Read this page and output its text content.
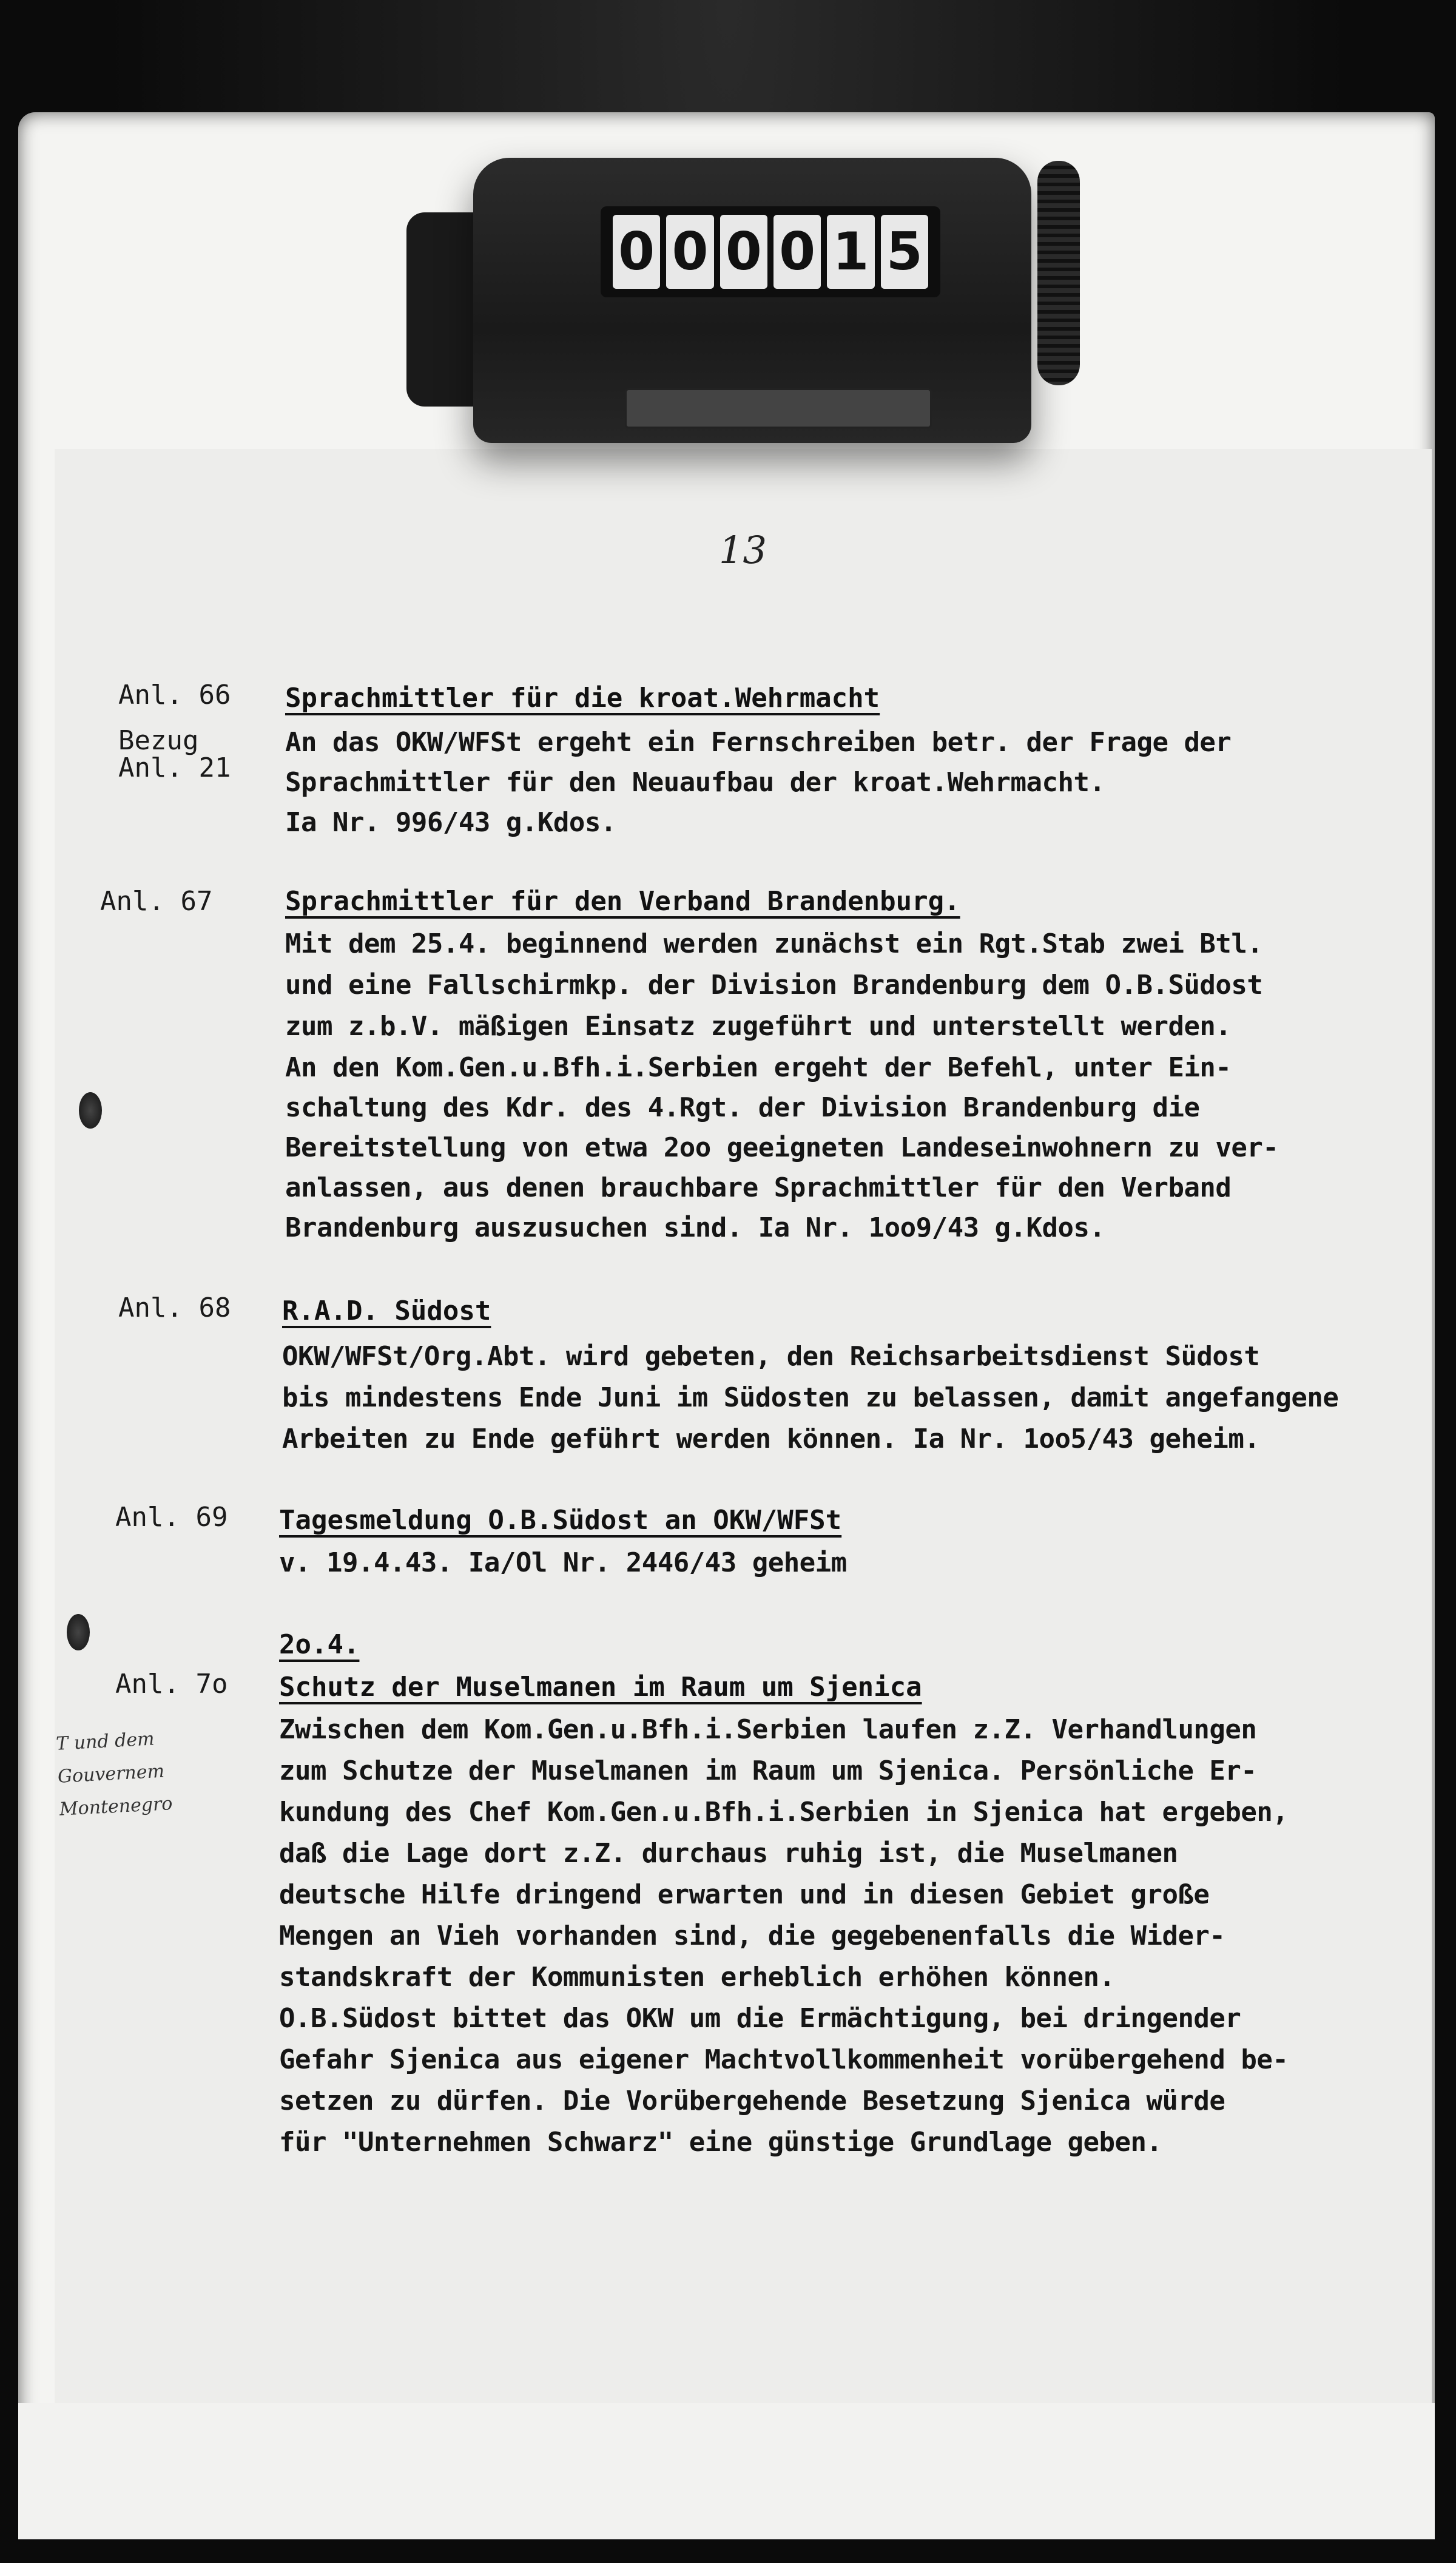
0 0 0 0 1 5
13
Anl. 66
Bezug
Anl. 21
Sprachmittler für die kroat.Wehrmacht
An das OKW/WFSt ergeht ein Fernschreiben betr. der Frage der
Sprachmittler für den Neuaufbau der kroat.Wehrmacht.
Ia Nr. 996/43 g.Kdos.
Anl. 67	Sprachmittler für den Verband Brandenburg.
Mit dem 25.4. beginnend werden zunächst ein Rgt.Stab zwei Btl.
und eine Fallschirmkp. der Division Brandenburg dem O.B.Südost
zum z.b.V. mäßigen Einsatz zugeführt und unterstellt werden.
An den Kom.Gen.u.Bfh.i.Serbien ergeht der Befehl, unter Ein-
schaltung des Kdr. des 4.Rgt. der Division Brandenburg die
Bereitstellung von etwa 2oo geeigneten Landeseinwohnern zu ver-
anlassen, aus denen brauchbare Sprachmittler für den Verband
Brandenburg auszusuchen sind. Ia Nr. 1oo9/43 g.Kdos.
Anl. 68 R.A.D. Südost
OKW/WFSt/Org.Abt. wird gebeten, den Reichsarbeitsdienst Südost
bis mindestens Ende Juni im Südosten zu belassen, damit angefangene
Arbeiten zu Ende geführt werden können. Ia Nr. 1oo5/43 geheim.
Anl. 69 Tagesmeldung O.B.Südost an OKW/WFSt
v. 19.4.43. Ia/Ol Nr. 2446/43 geheim
2o.4.
Anl. 7o Schutz der Muselmanen im Raum um Sjenica
Zwischen dem Kom.Gen.u.Bfh.i.Serbien laufen z.Z. Verhandlungen
zum Schutze der Muselmanen im Raum um Sjenica. Persönliche Er-
kundung des Chef Kom.Gen.u.Bfh.i.Serbien in Sjenica hat ergeben,
daß die Lage dort z.Z. durchaus ruhig ist, die Muselmanen
deutsche Hilfe dringend erwarten und in diesen Gebiet große
Mengen an Vieh vorhanden sind, die gegebenenfalls die Wider-
standskraft der Kommunisten erheblich erhöhen können.
O.B.Südost bittet das OKW um die Ermächtigung, bei dringender
Gefahr Sjenica aus eigener Machtvollkommenheit vorübergehend be-
setzen zu dürfen. Die Vorübergehende Besetzung Sjenica würde
für "Unternehmen Schwarz" eine günstige Grundlage geben.
T und dem
Gouvernem
Montenegro
